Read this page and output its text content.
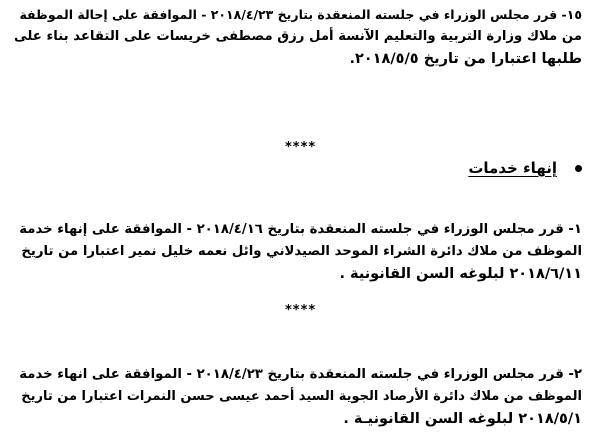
١٥- قرر مجلس الوزراء في جلسته المنعقدة بتاريخ ٢٠١٨/٤/٢٣ - الموافقة على إحالة الموظفة
من ملاك وزارة التربية والتعليم الآنسة أمل رزق مصطفى خريسات على التقاعد بناء على
طلبها اعتبارا من تاريخ ٢٠١٨/٥/٥.
****
إنهاء خدمات
١- قرر مجلس الوزراء في جلسته المنعقدة بتاريخ ٢٠١٨/٤/١٦ - الموافقة على إنهاء خدمة
الموظف من ملاك دائرة الشراء الموحد الصيدلاني وائل نعمه خليل نمير اعتبارا من تاريخ
٢٠١٨/٦/١١ لبلوغه السن القانونية .
****
٢- قرر مجلس الوزراء في جلسته المنعقدة بتاريخ ٢٠١٨/٤/٢٣ - الموافقة على انهاء خدمة
الموظف من ملاك دائرة الأرصاد الجوية السيد أحمد عيسى حسن النمرات اعتبارا من تاريخ
٢٠١٨/٥/١ لبلوغه السن القانونيـة .
